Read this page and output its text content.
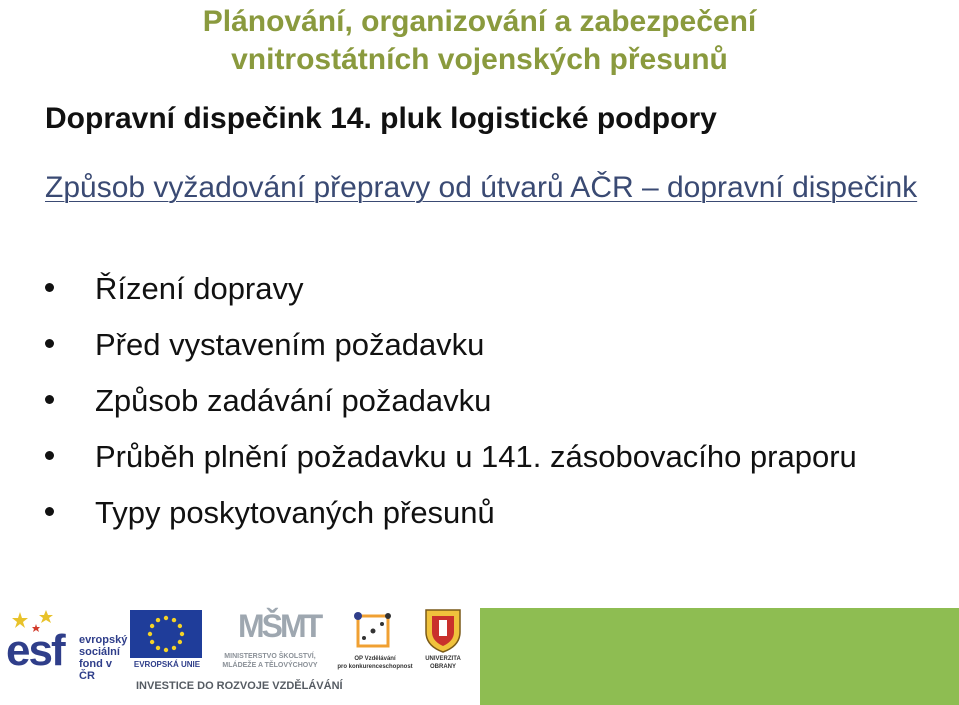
Plánování, organizování a zabezpečení
vnitrostátních vojenských přesunů
Dopravní dispečink 14. pluk logistické podpory
Způsob vyžadování přepravy od útvarů AČR – dopravní dispečink
Řízení dopravy
Před vystavením požadavku
Způsob zadávání požadavku
Průběh plnění požadavku u 141. zásobovacího praporu
Typy poskytovaných přesunů
esf evropský
sociální
fond v ČR
EVROPSKÁ UNIE
MŠMT
MINISTERSTVO ŠKOLSTVÍ,
MLÁDEŽE A TĚLOVÝCHOVY
OP Vzdělávání
pro konkurenceschopnost
UNIVERZITA
OBRANY
INVESTICE DO ROZVOJE VZDĚLÁVÁNÍ
